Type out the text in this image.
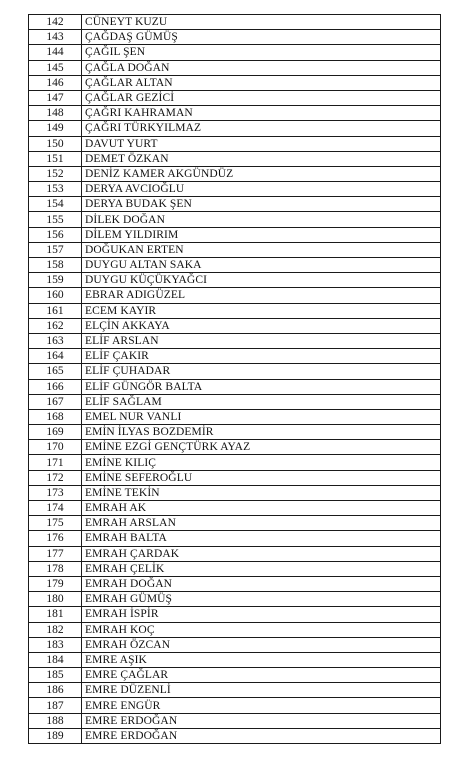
142	CÜNEYT KUZU
143	ÇAĞDAŞ GÜMÜŞ
144	ÇAĞIL ŞEN
145	ÇAĞLA DOĞAN
146	ÇAĞLAR ALTAN
147	ÇAĞLAR GEZİCİ
148	ÇAĞRI KAHRAMAN
149	ÇAĞRI TÜRKYILMAZ
150	DAVUT YURT
151	DEMET ÖZKAN
152	DENİZ KAMER AKGÜNDÜZ
153	DERYA AVCIOĞLU
154	DERYA BUDAK ŞEN
155	DİLEK DOĞAN
156	DİLEM YILDIRIM
157	DOĞUKAN ERTEN
158	DUYGU ALTAN SAKA
159	DUYGU KÜÇÜKYAĞCI
160	EBRAR ADIGÜZEL
161	ECEM KAYIR
162	ELÇİN AKKAYA
163	ELİF ARSLAN
164	ELİF ÇAKIR
165	ELİF ÇUHADAR
166	ELİF GÜNGÖR BALTA
167	ELİF SAĞLAM
168	EMEL NUR VANLI
169	EMİN İLYAS BOZDEMİR
170	EMİNE EZGİ GENÇTÜRK AYAZ
171	EMİNE KILIÇ
172	EMİNE SEFEROĞLU
173	EMİNE TEKİN
174	EMRAH AK
175	EMRAH ARSLAN
176	EMRAH BALTA
177	EMRAH ÇARDAK
178	EMRAH ÇELİK
179	EMRAH DOĞAN
180	EMRAH GÜMÜŞ
181	EMRAH İSPİR
182	EMRAH KOÇ
183	EMRAH ÖZCAN
184	EMRE AŞIK
185	EMRE ÇAĞLAR
186	EMRE DÜZENLİ
187	EMRE ENGÜR
188	EMRE ERDOĞAN
189	EMRE ERDOĞAN
